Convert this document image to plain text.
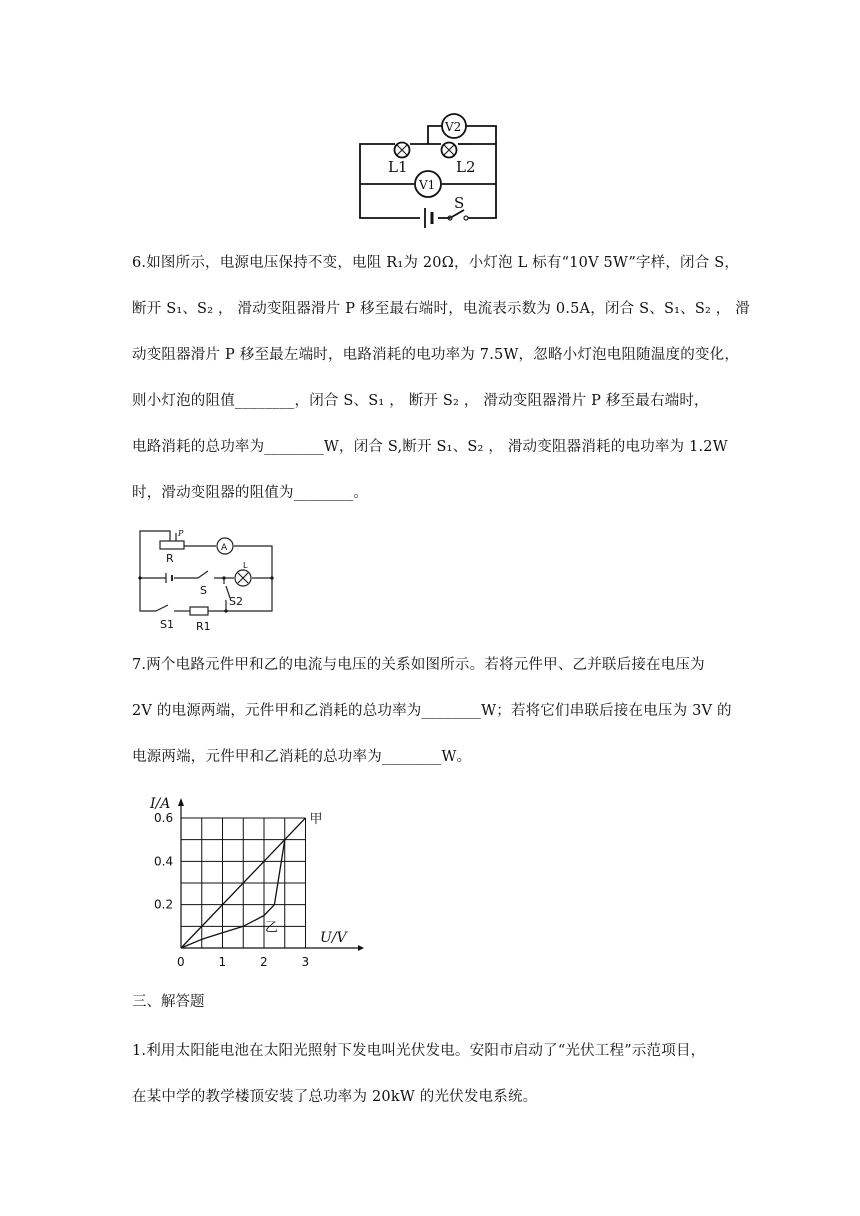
V2
V1
L1	L2
S

6.如图所示，电源电压保持不变，电阻 R₁为 20Ω，小灯泡 L 标有“10V 5W”字样，闭合 S，

断开 S₁、S₂ ， 滑动变阻器滑片 P 移至最右端时，电流表示数为 0.5A，闭合 S、S₁、S₂ ， 滑

动变阻器滑片 P 移至最左端时，电路消耗的电功率为 7.5W，忽略小灯泡电阻随温度的变化，

则小灯泡的阻值________，闭合 S、S₁ ， 断开 S₂ ， 滑动变阻器滑片 P 移至最右端时，

电路消耗的总功率为________W，闭合 S,断开 S₁、S₂ ， 滑动变阻器消耗的电功率为 1.2W

时，滑动变阻器的阻值为________。

P
R
A
L
S
S2
S1 R1

7.两个电路元件甲和乙的电流与电压的关系如图所示。若将元件甲、乙并联后接在电压为

2V 的电源两端，元件甲和乙消耗的总功率为________W；若将它们串联后接在电压为 3V 的

电源两端，元件甲和乙消耗的总功率为________W。

0	1	2	3
0.2
0.4
0.6
I/A
U/V
甲
乙
三、解答题

1.利用太阳能电池在太阳光照射下发电叫光伏发电。安阳市启动了“光伏工程”示范项目，

在某中学的教学楼顶安装了总功率为 20kW 的光伏发电系统。
